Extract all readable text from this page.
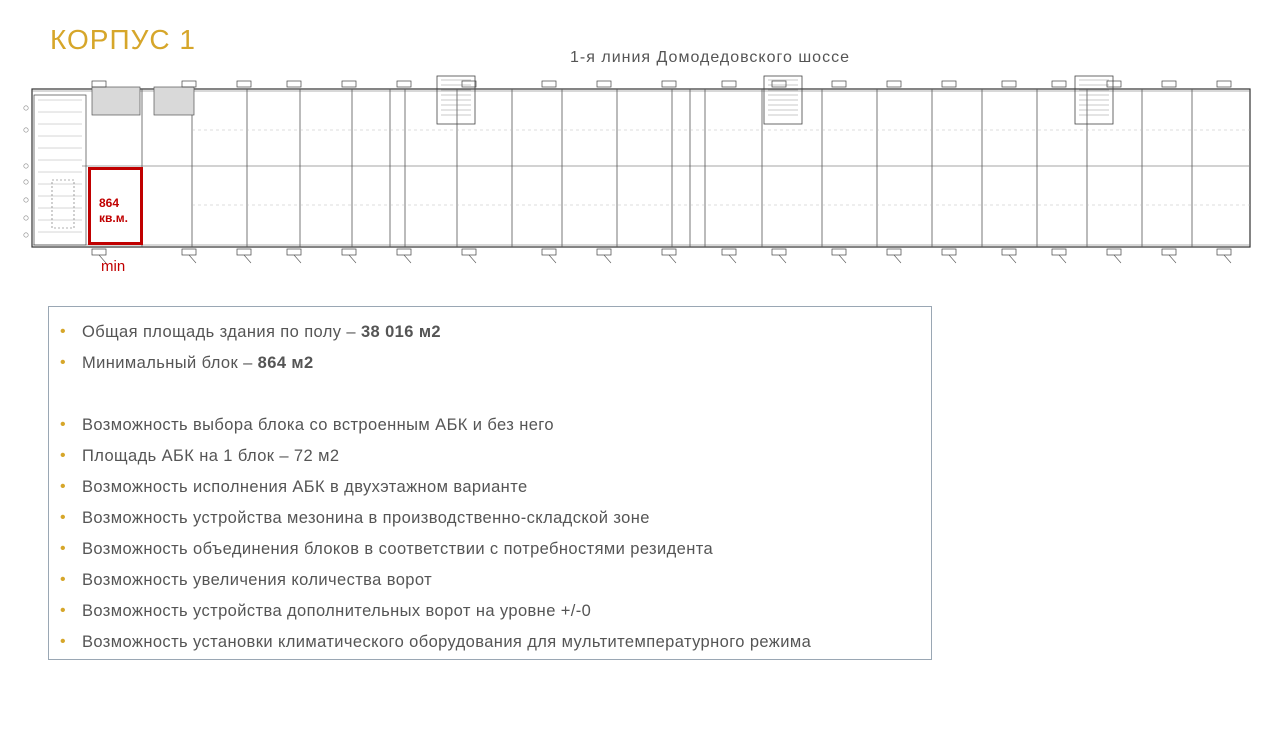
КОРПУС 1
1-я линия Домодедовского шоссе
864
кв.м.
min
• Общая площадь здания по полу – 38 016 м2
• Минимальный блок – 864 м2
• Возможность выбора блока со встроенным АБК и без него
• Площадь АБК на 1 блок – 72 м2
• Возможность исполнения АБК в двухэтажном варианте
• Возможность устройства мезонина в производственно-складской зоне
• Возможность объединения блоков в соответствии с потребностями резидента
• Возможность увеличения количества ворот
• Возможность устройства дополнительных ворот на уровне +/-0
• Возможность установки климатического оборудования для мультитемпературного режима
